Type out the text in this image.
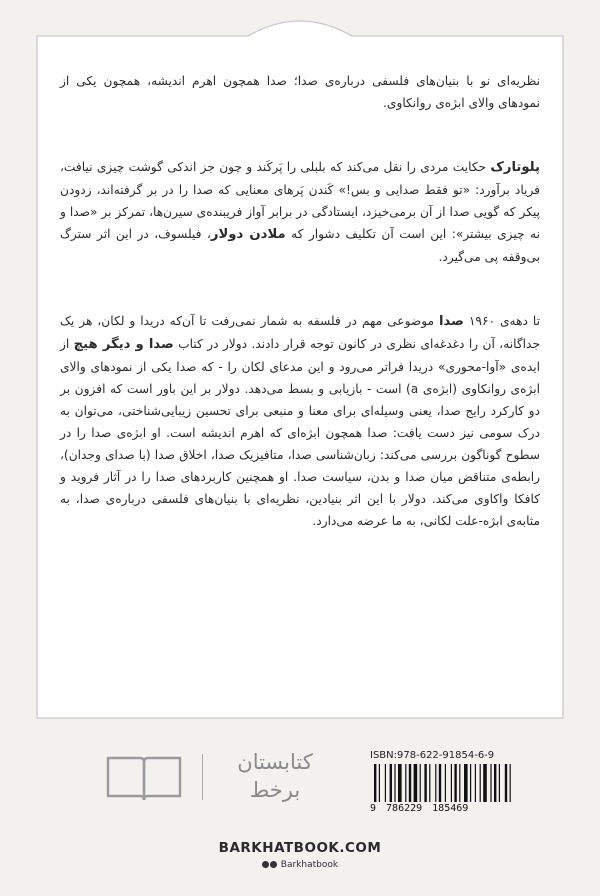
نظریه‌ای نو با بنیان‌های فلسفی درباره‌ی صدا؛ صدا همچون اهرم اندیشه، همچون یکی از نمودهای والای ابژه‌ی روانکاوی.

پلوتارک حکایت مردی را نقل می‌کند که بلبلی را پَرکَند و چون جز اندکی گوشت چیزی نیافت، فریاد برآورد: «تو فقط صدایی و بس!» کَندن پَرهای معنایی که صدا را در بر گرفته‌اند، زدودن پیکر که گویی صدا از آن برمی‌خیزد، ایستادگی در برابر آواز فریبنده‌ی سیرن‌ها، تمرکز بر «صدا و نه چیزی بیشتر»: این است آن تکلیف دشوار که ملادن دولار، فیلسوف، در این اثر سترگ بی‌وقفه پی می‌گیرد.

تا دهه‌ی ۱۹۶۰ صدا موضوعی مهم در فلسفه به شمار نمی‌رفت تا آن‌که دریدا و لکان، هر یک جداگانه، آن را دغدغه‌ای نظری در کانون توجه قرار دادند. دولار در کتاب صدا و دیگر هیچ از ایده‌ی «آوا-محوری» دریدا فراتر می‌رود و این مدعای لکان را - که صدا یکی از نمودهای والای ابژه‌ی روانکاوی (ابژه‌ی a) است - بازیابی و بسط می‌دهد. دولار بر این باور است که افزون بر دو کارکرد رایج صدا، یعنی وسیله‌ای برای معنا و منبعی برای تحسین زیبایی‌شناختی، می‌توان به درک سومی نیز دست یافت: صدا همچون ابژه‌ای که اهرم اندیشه است. او ابژه‌ی صدا را در سطوح گوناگون بررسی می‌کند: زبان‌شناسی صدا، متافیزیک صدا، اخلاق صدا (با صدای وجدان)، رابطه‌ی متناقض میان صدا و بدن، سیاست صدا. او همچنین کاربردهای صدا را در آثار فروید و کافکا واکاوی می‌کند. دولار با این اثر بنیادین، نظریه‌ای با بنیان‌های فلسفی درباره‌ی صدا، به مثابه‌ی ابژه-علت لکانی، به ما عرضه می‌دارد.

کتابستان
برخط
ISBN:978-622-91854-6-9
9 786229 185469
BARKHATBOOK.COM
Barkhatbook
